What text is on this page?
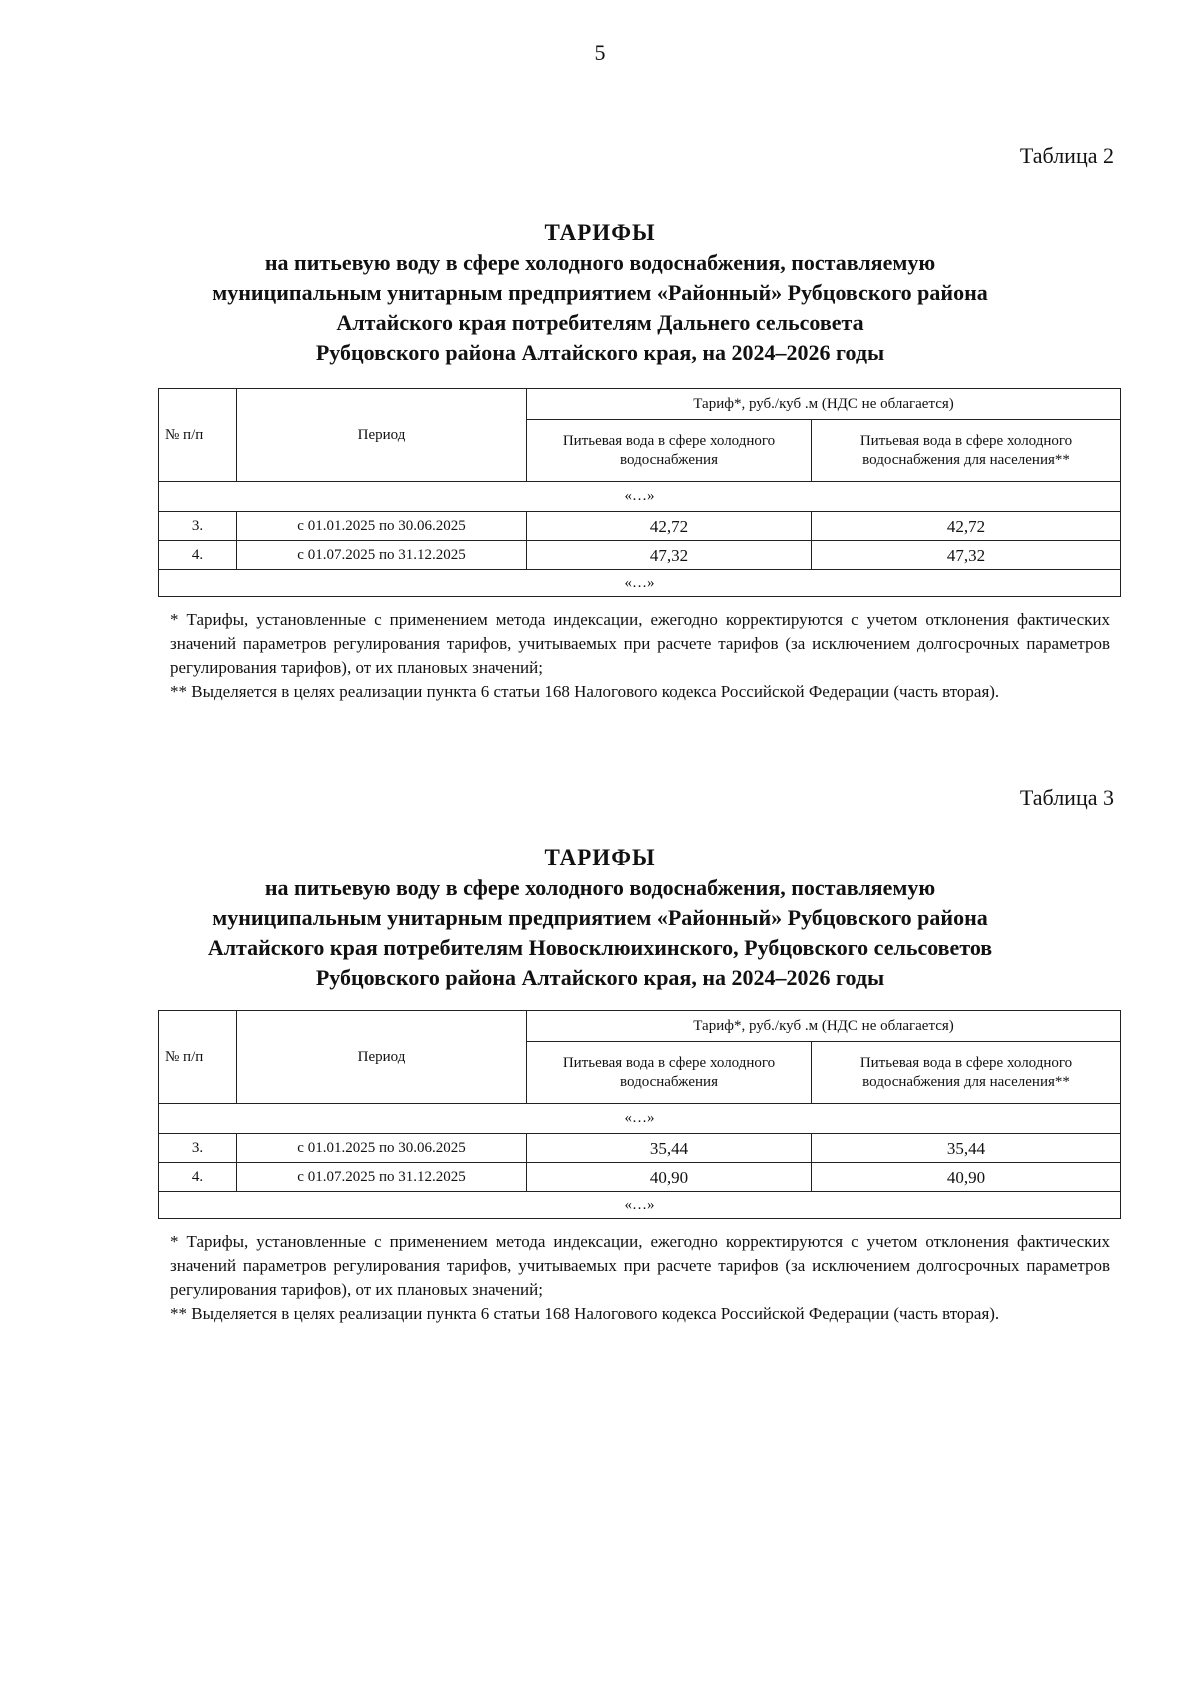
5
Таблица 2
ТАРИФЫ
на питьевую воду в сфере холодного водоснабжения, поставляемую
муниципальным унитарным предприятием «Районный» Рубцовского района
Алтайского края потребителям Дальнего сельсовета
Рубцовского района Алтайского края, на 2024–2026 годы
№ п/п	Период	Тариф*, руб./куб .м (НДС не облагается)	
		Питьевая вода в сфере холодного водоснабжения	Питьевая вода в сфере холодного водоснабжения для населения**
«…»			
3.	с 01.01.2025 по 30.06.2025	42,72	42,72
4.	с 01.07.2025 по 31.12.2025	47,32	47,32
«…»			

* Тарифы, установленные с применением метода индексации, ежегодно корректируются с учетом отклонения фактических значений параметров регулирования тарифов, учитываемых при расчете тарифов (за исключением долгосрочных параметров регулирования тарифов), от их плановых значений;

** Выделяется в целях реализации пункта 6 статьи 168 Налогового кодекса Российской Федерации (часть вторая).

Таблица 3
ТАРИФЫ
на питьевую воду в сфере холодного водоснабжения, поставляемую
муниципальным унитарным предприятием «Районный» Рубцовского района
Алтайского края потребителям Новосклюихинского, Рубцовского сельсоветов
Рубцовского района Алтайского края, на 2024–2026 годы
№ п/п	Период	Тариф*, руб./куб .м (НДС не облагается)	
		Питьевая вода в сфере холодного водоснабжения	Питьевая вода в сфере холодного водоснабжения для населения**
«…»			
3.	с 01.01.2025 по 30.06.2025	35,44	35,44
4.	с 01.07.2025 по 31.12.2025	40,90	40,90
«…»			

* Тарифы, установленные с применением метода индексации, ежегодно корректируются с учетом отклонения фактических значений параметров регулирования тарифов, учитываемых при расчете тарифов (за исключением долгосрочных параметров регулирования тарифов), от их плановых значений;

** Выделяется в целях реализации пункта 6 статьи 168 Налогового кодекса Российской Федерации (часть вторая).
